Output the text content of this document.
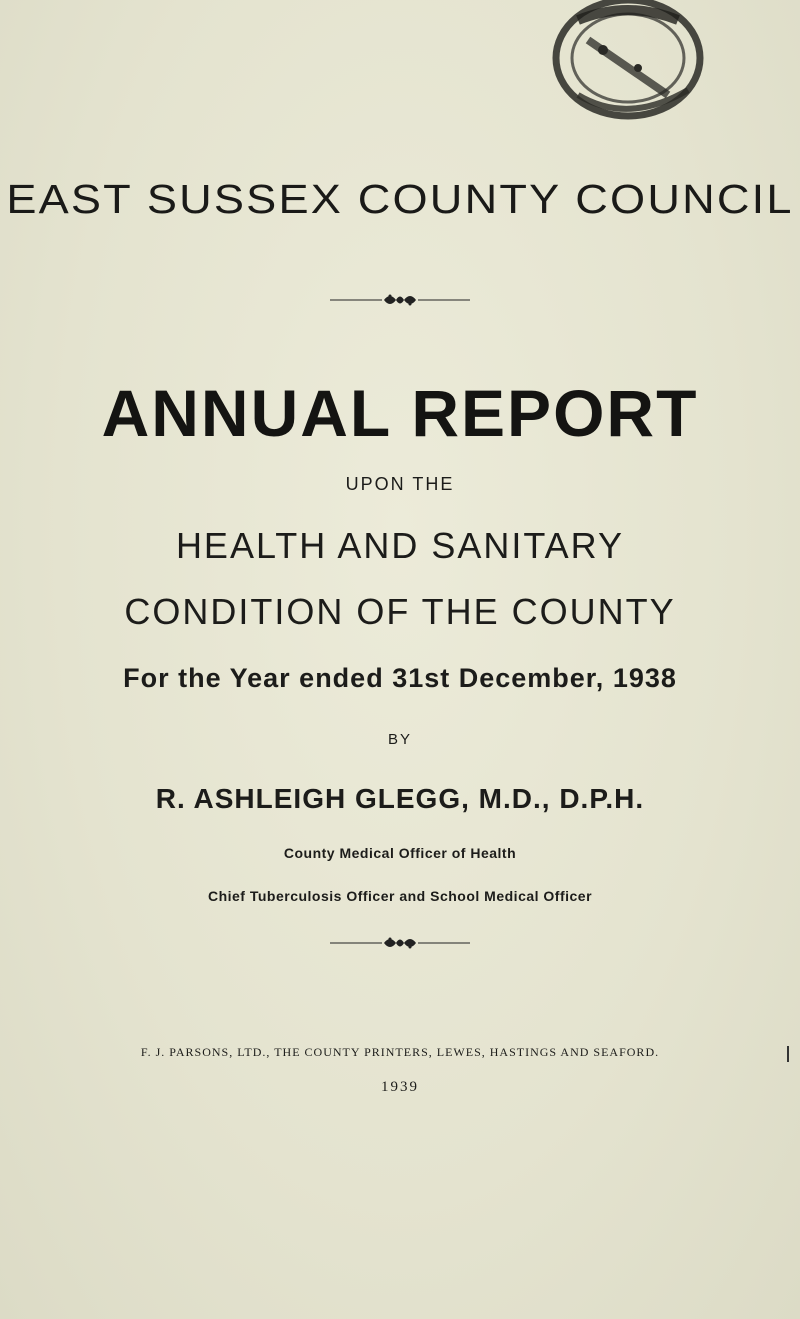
EAST SUSSEX COUNTY COUNCIL
ANNUAL REPORT
UPON THE
HEALTH AND SANITARY
CONDITION OF THE COUNTY
For the Year ended 31st December, 1938
BY
R. ASHLEIGH GLEGG, M.D., D.P.H.
County Medical Officer of Health
Chief Tuberculosis Officer and School Medical Officer
F. J. PARSONS, LTD., THE COUNTY PRINTERS, LEWES, HASTINGS AND SEAFORD.
1939
